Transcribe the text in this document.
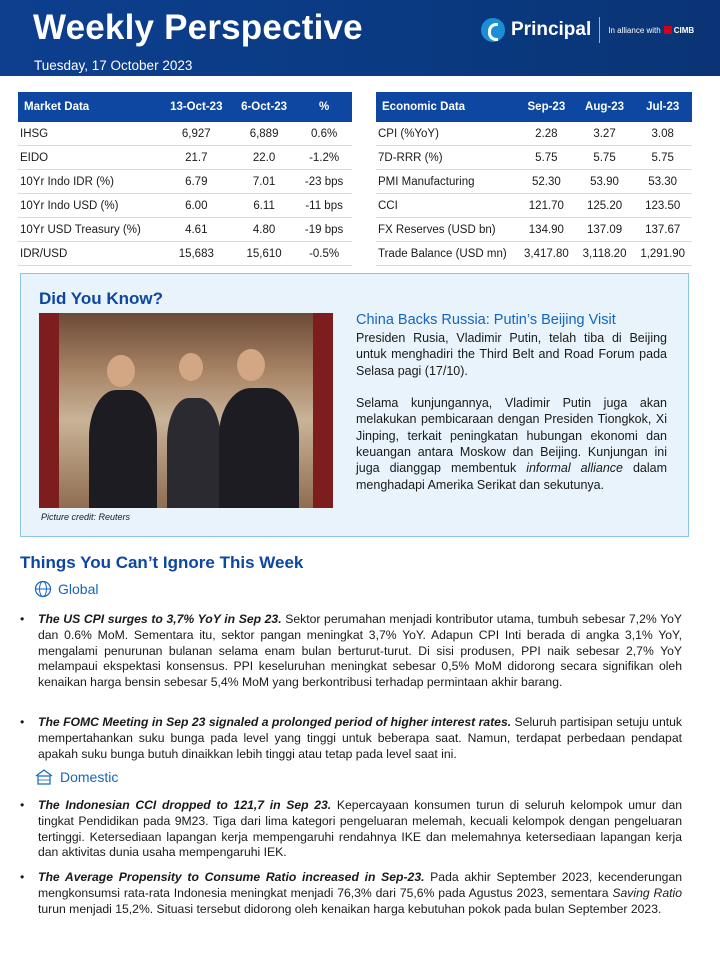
Weekly Perspective
Tuesday, 17 October 2023
Principal In alliance with CIMB
Market Data	13-Oct-23	6-Oct-23	%
IHSG	6,927	6,889	0.6%
EIDO	21.7	22.0	-1.2%
10Yr Indo IDR (%)	6.79	7.01	-23 bps
10Yr Indo USD (%)	6.00	6.11	-11 bps
10Yr USD Treasury (%)	4.61	4.80	-19 bps
IDR/USD	15,683	15,610	-0.5%
Economic Data	Sep-23	Aug-23	Jul-23
CPI (%YoY)	2.28	3.27	3.08
7D-RRR (%)	5.75	5.75	5.75
PMI Manufacturing	52.30	53.90	53.30
CCI	121.70	125.20	123.50
FX Reserves (USD bn)	134.90	137.09	137.67
Trade Balance (USD mn)	3,417.80	3,118.20	1,291.90
Did You Know?
Picture credit: Reuters
China Backs Russia: Putin’s Beijing Visit
Presiden Rusia, Vladimir Putin, telah tiba di Beijing untuk menghadiri the Third Belt and Road Forum pada Selasa pagi (17/10).

Selama kunjungannya, Vladimir Putin juga akan melakukan pembicaraan dengan Presiden Tiongkok, Xi Jinping, terkait peningkatan hubungan ekonomi dan keuangan antara Moskow dan Beijing. Kunjungan ini juga dianggap membentuk informal alliance dalam menghadapi Amerika Serikat dan sekutunya.
Things You Can’t Ignore This Week
Global
• The US CPI surges to 3,7% YoY in Sep 23. Sektor perumahan menjadi kontributor utama, tumbuh sebesar 7,2% YoY dan 0.6% MoM. Sementara itu, sektor pangan meningkat 3,7% YoY. Adapun CPI Inti berada di angka 3,1% YoY, mengalami penurunan bulanan selama enam bulan berturut-turut. Di sisi produsen, PPI naik sebesar 2,7% YoY melampaui ekspektasi konsensus. PPI keseluruhan meningkat sebesar 0,5% MoM didorong secara signifikan oleh kenaikan harga bensin sebesar 5,4% MoM yang berkontribusi terhadap permintaan akhir barang.
• The FOMC Meeting in Sep 23 signaled a prolonged period of higher interest rates. Seluruh partisipan setuju untuk mempertahankan suku bunga pada level yang tinggi untuk beberapa saat. Namun, terdapat perbedaan pendapat apakah suku bunga butuh dinaikkan lebih tinggi atau tetap pada level saat ini.
Domestic
• The Indonesian CCI dropped to 121,7 in Sep 23. Kepercayaan konsumen turun di seluruh kelompok umur dan tingkat Pendidikan pada 9M23. Tiga dari lima kategori pengeluaran melemah, kecuali kelompok dengan pengeluaran tertinggi. Ketersediaan lapangan kerja mempengaruhi rendahnya IKE dan melemahnya ketersediaan lapangan kerja dan aktivitas dunia usaha mempengaruhi IEK.
• The Average Propensity to Consume Ratio increased in Sep-23. Pada akhir September 2023, kecenderungan mengkonsumsi rata-rata Indonesia meningkat menjadi 76,3% dari 75,6% pada Agustus 2023, sementara Saving Ratio turun menjadi 15,2%. Situasi tersebut didorong oleh kenaikan harga kebutuhan pokok pada bulan September 2023.
